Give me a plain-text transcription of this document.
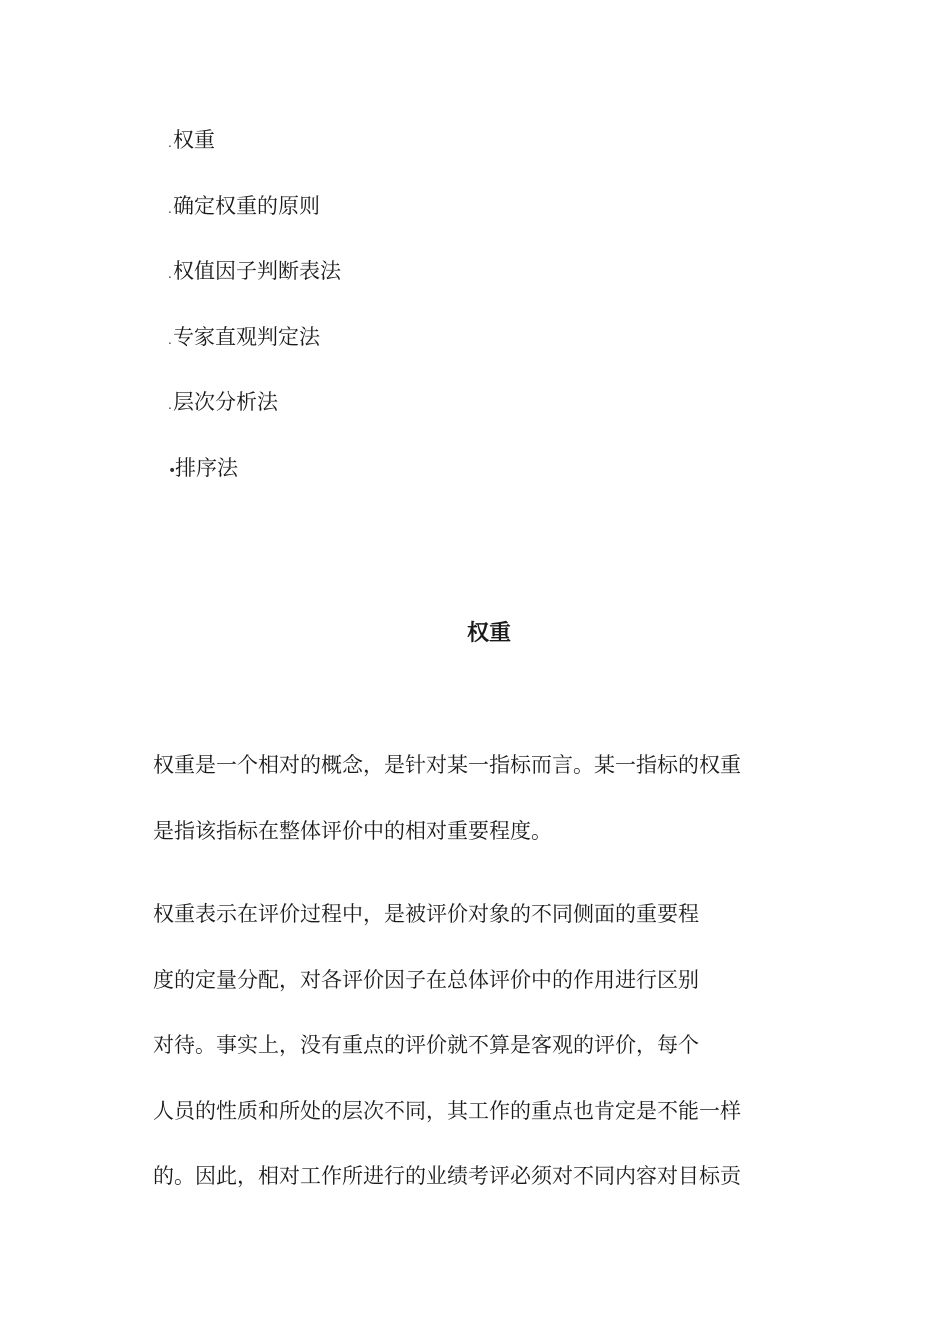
.权重
.确定权重的原则
.权值因子判断表法
.专家直观判定法
.层次分析法
•排序法
权重
权重是一个相对的概念，是针对某一指标而言。某一指标的权重
是指该指标在整体评价中的相对重要程度。
权重表示在评价过程中，是被评价对象的不同侧面的重要程
度的定量分配，对各评价因子在总体评价中的作用进行区别
对待。事实上，没有重点的评价就不算是客观的评价，每个
人员的性质和所处的层次不同，其工作的重点也肯定是不能一样
的。因此，相对工作所进行的业绩考评必须对不同内容对目标贡
